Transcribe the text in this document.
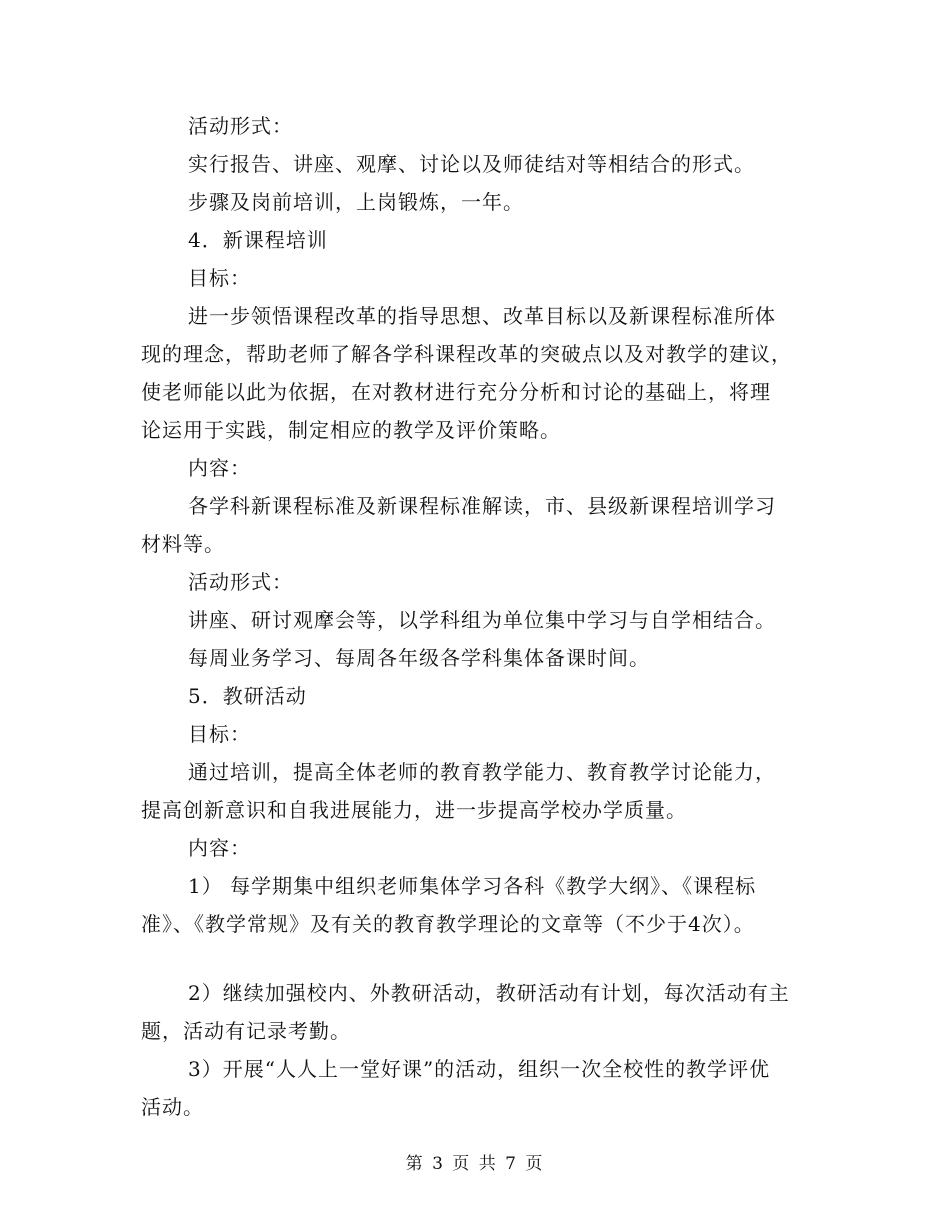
活动形式：
实行报告、讲座、观摩、讨论以及师徒结对等相结合的形式。
步骤及岗前培训，上岗锻炼，一年。
4．新课程培训
目标：
进一步领悟课程改革的指导思想、改革目标以及新课程标准所体
现的理念，帮助老师了解各学科课程改革的突破点以及对教学的建议，
使老师能以此为依据，在对教材进行充分分析和讨论的基础上，将理
论运用于实践，制定相应的教学及评价策略。
内容：
各学科新课程标准及新课程标准解读，市、县级新课程培训学习
材料等。
活动形式：
讲座、研讨观摩会等，以学科组为单位集中学习与自学相结合。
每周业务学习、每周各年级各学科集体备课时间。
5．教研活动
目标：
通过培训，提高全体老师的教育教学能力、教育教学讨论能力，
提高创新意识和自我进展能力，进一步提高学校办学质量。
内容：
1） 每学期集中组织老师集体学习各科《教学大纲》、《课程标
准》、《教学常规》及有关的教育教学理论的文章等（不少于4次）。
2）继续加强校内、外教研活动，教研活动有计划，每次活动有主
题，活动有记录考勤。
3）开展“人人上一堂好课”的活动，组织一次全校性的教学评优
活动。
第 3 页 共 7 页
